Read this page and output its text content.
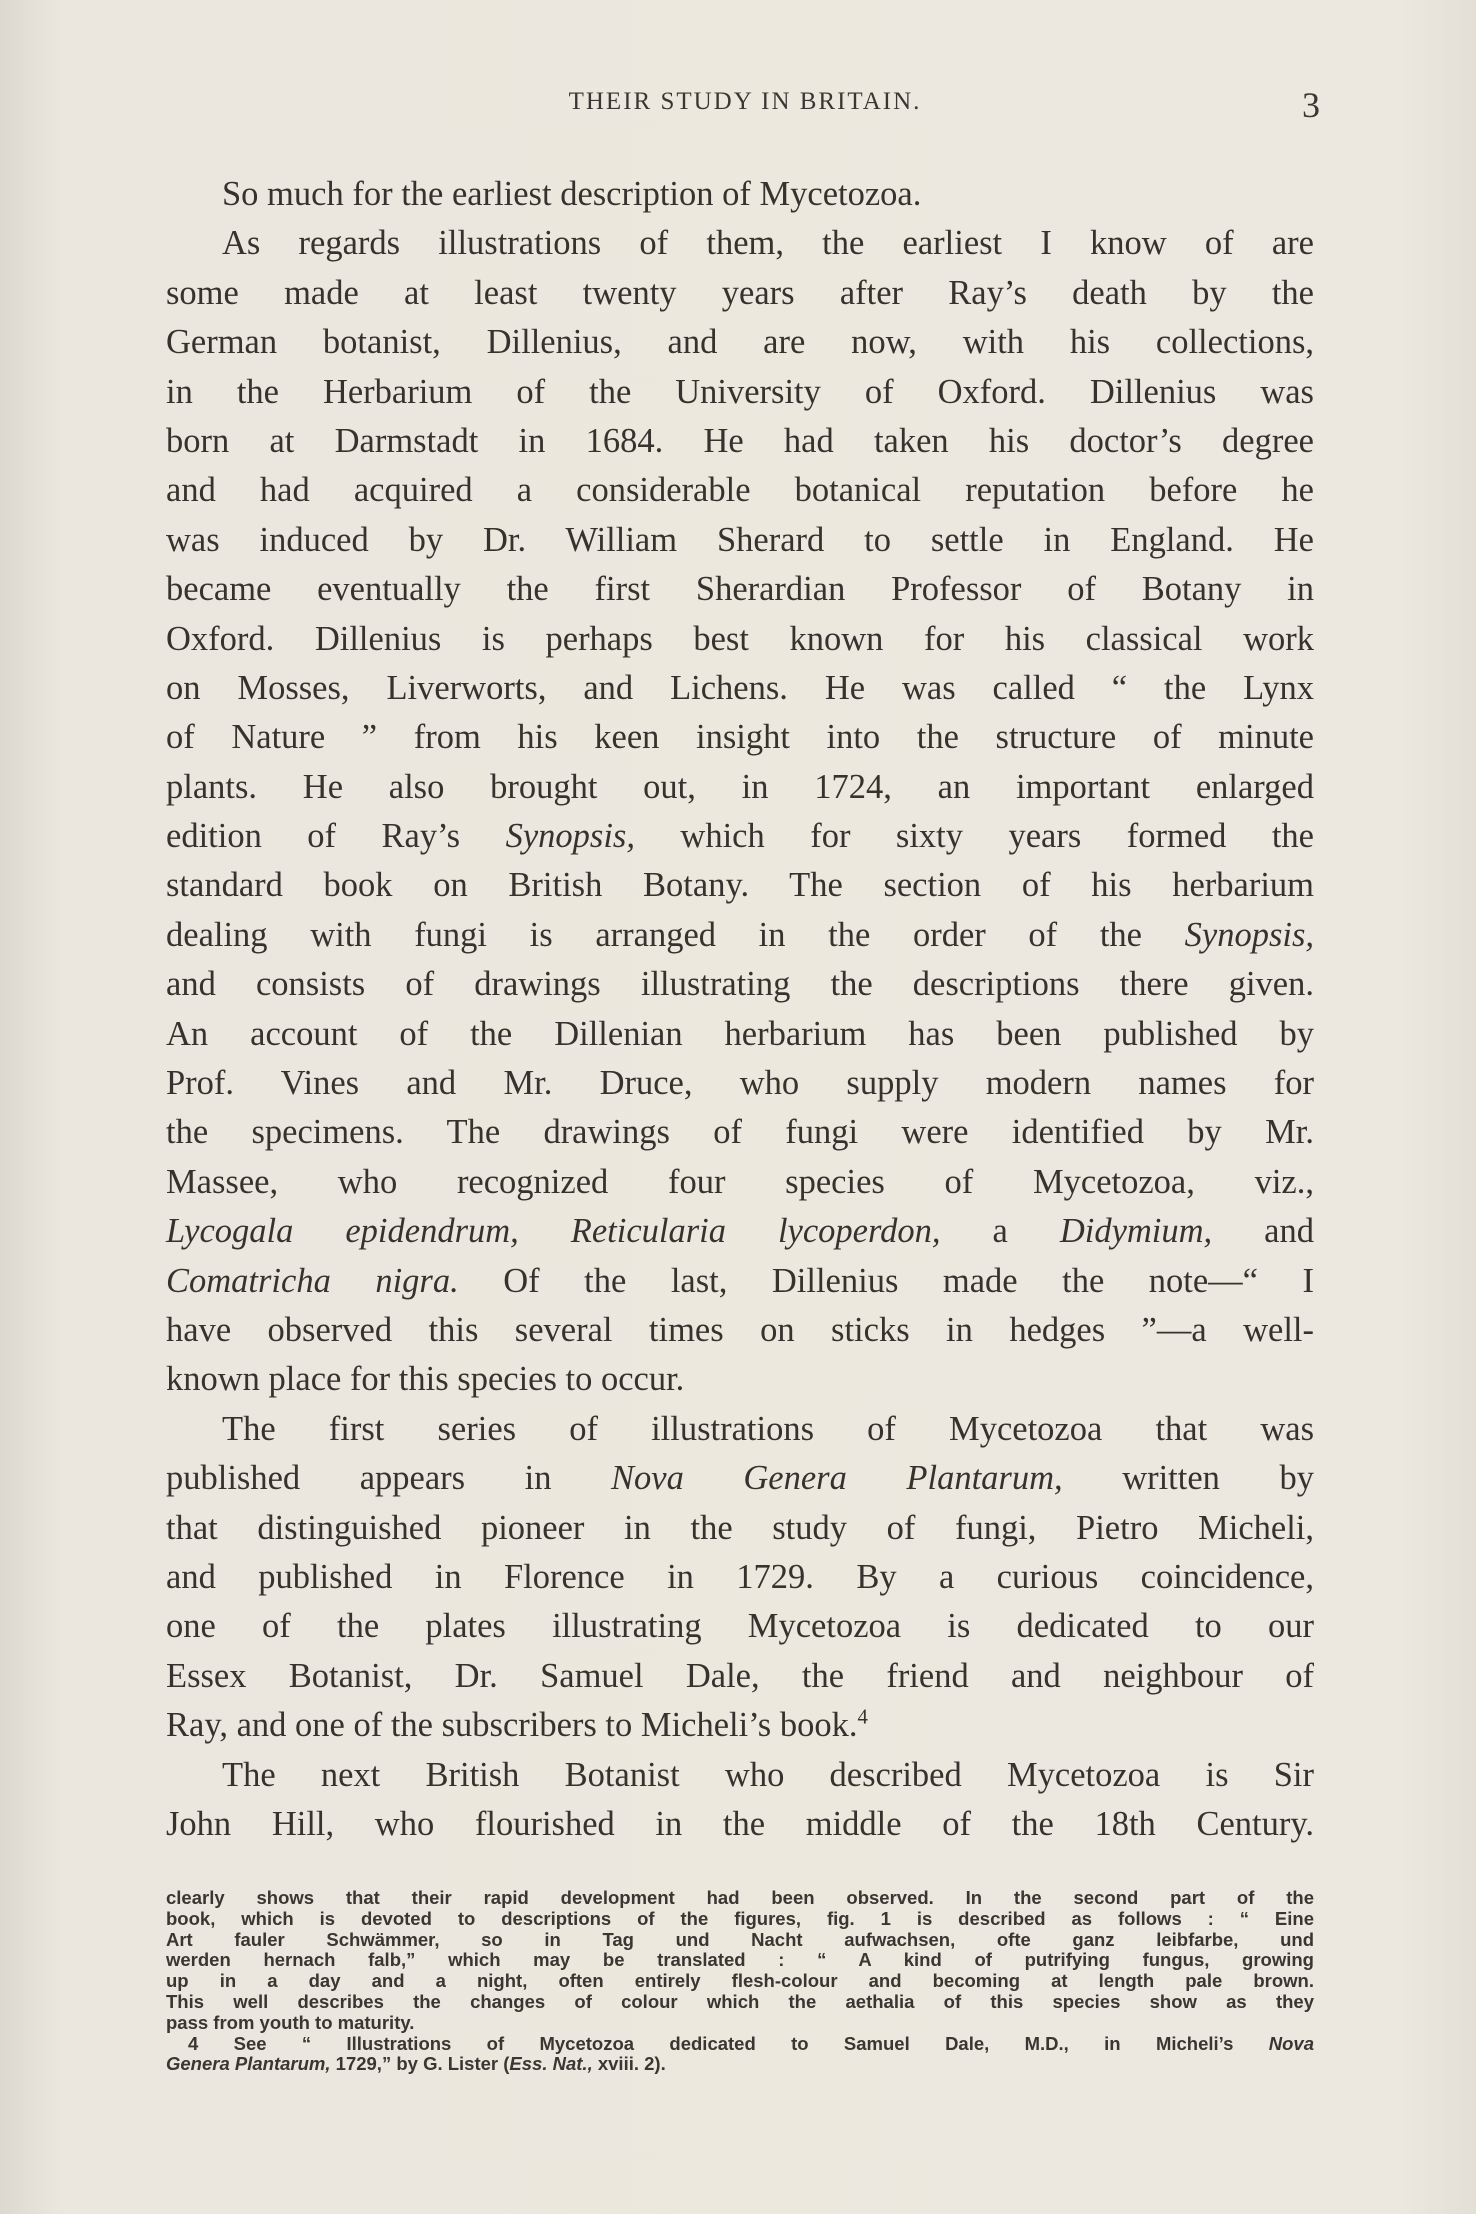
THEIR STUDY IN BRITAIN.	3
So much for the earliest description of Mycetozoa.
As regards illustrations of them, the earliest I know of are
some made at least twenty years after Ray’s death by the
German botanist, Dillenius, and are now, with his collections,
in the Herbarium of the University of Oxford. Dillenius was
born at Darmstadt in 1684. He had taken his doctor’s degree
and had acquired a considerable botanical reputation before he
was induced by Dr. William Sherard to settle in England. He
became eventually the first Sherardian Professor of Botany in
Oxford. Dillenius is perhaps best known for his classical work
on Mosses, Liverworts, and Lichens. He was called “ the Lynx
of Nature ” from his keen insight into the structure of minute
plants. He also brought out, in 1724, an important enlarged
edition of Ray’s Synopsis, which for sixty years formed the
standard book on British Botany. The section of his herbarium
dealing with fungi is arranged in the order of the Synopsis,
and consists of drawings illustrating the descriptions there given.
An account of the Dillenian herbarium has been published by
Prof. Vines and Mr. Druce, who supply modern names for
the specimens. The drawings of fungi were identified by Mr.
Massee, who recognized four species of Mycetozoa, viz.,
Lycogala epidendrum, Reticularia lycoperdon, a Didymium, and
Comatricha nigra. Of the last, Dillenius made the note—“ I
have observed this several times on sticks in hedges ”—a well-
known place for this species to occur.
The first series of illustrations of Mycetozoa that was
published appears in Nova Genera Plantarum, written by
that distinguished pioneer in the study of fungi, Pietro Micheli,
and published in Florence in 1729. By a curious coincidence,
one of the plates illustrating Mycetozoa is dedicated to our
Essex Botanist, Dr. Samuel Dale, the friend and neighbour of
Ray, and one of the subscribers to Micheli’s book.$^4$
The next British Botanist who described Mycetozoa is Sir
John Hill, who flourished in the middle of the 18th Century.
clearly shows that their rapid development had been observed. In the second part of the
book, which is devoted to descriptions of the figures, fig. 1 is described as follows : “ Eine
Art fauler Schwämmer, so in Tag und Nacht aufwachsen, ofte ganz leibfarbe, und
werden hernach falb,” which may be translated : “ A kind of putrifying fungus, growing
up in a day and a night, often entirely flesh-colour and becoming at length pale brown.
This well describes the changes of colour which the aethalia of this species show as they
pass from youth to maturity.
4 See “ Illustrations of Mycetozoa dedicated to Samuel Dale, M.D., in Micheli’s Nova
Genera Plantarum, 1729,” by G. Lister (Ess. Nat., xviii. 2).
